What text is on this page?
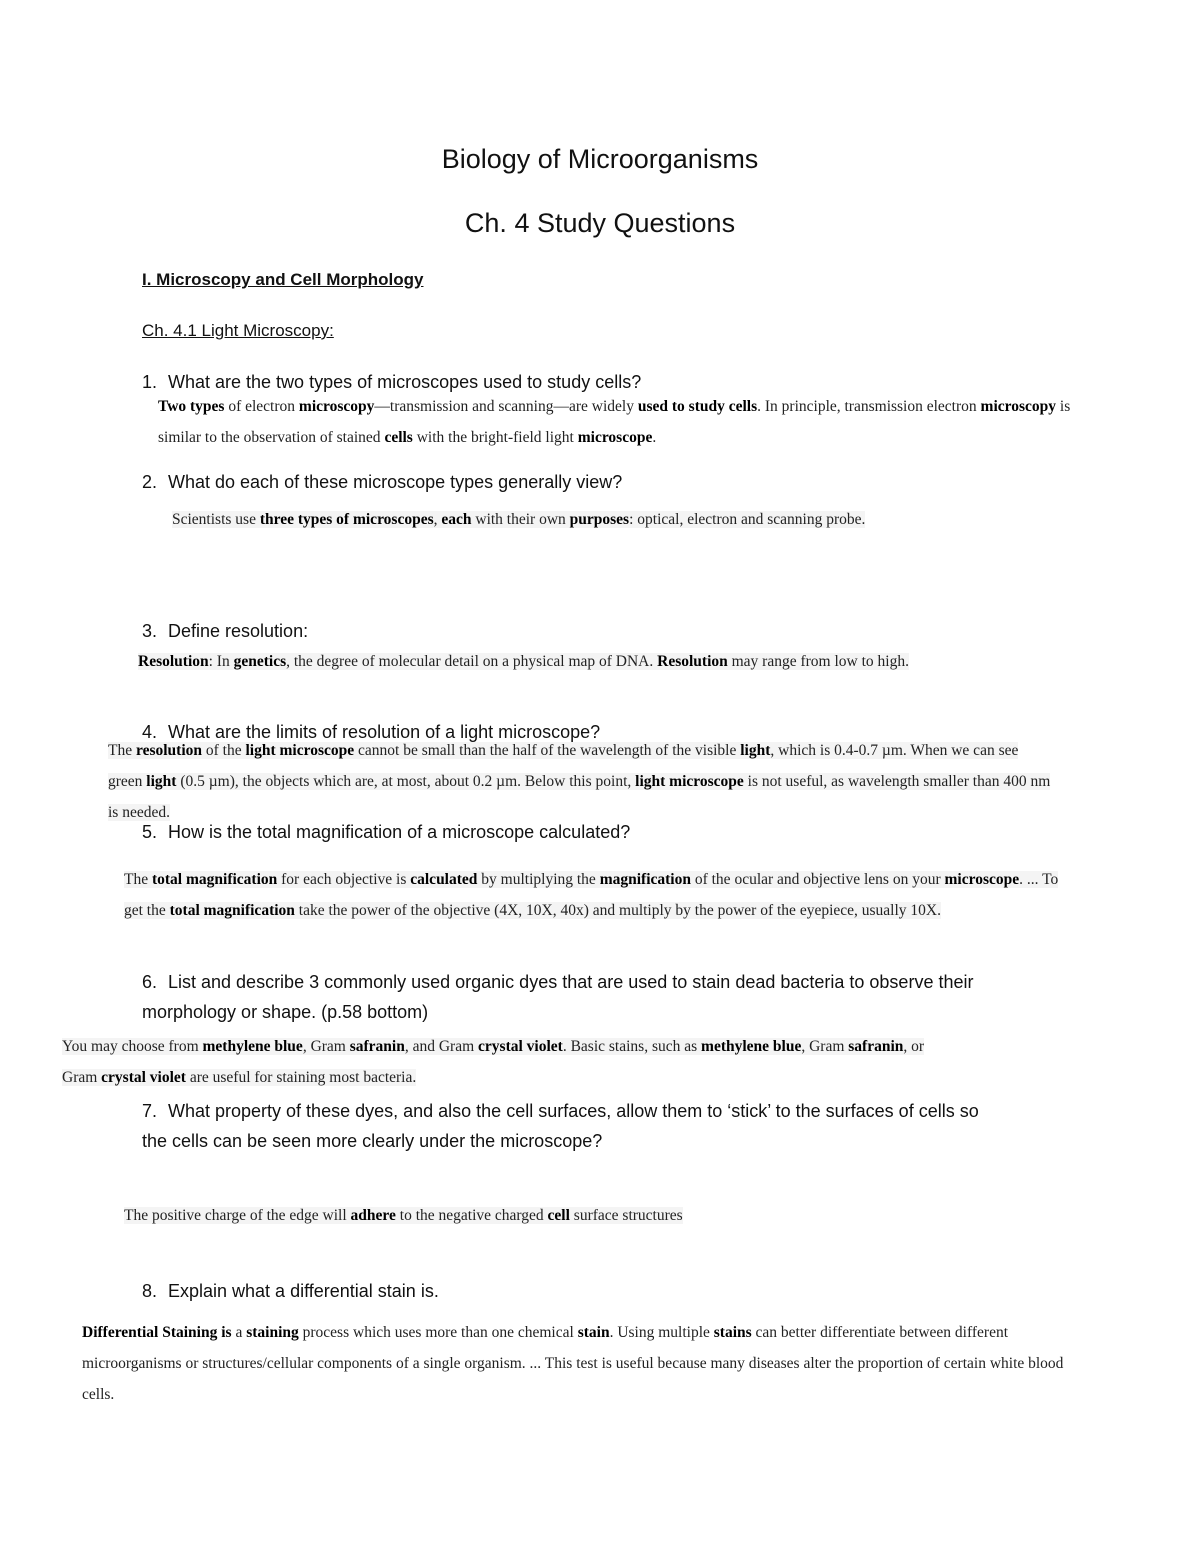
Biology of Microorganisms
Ch. 4 Study Questions
I. Microscopy and Cell Morphology
Ch. 4.1 Light Microscopy:
1. What are the two types of microscopes used to study cells?
Two types of electron microscopy—transmission and scanning—are widely used to study cells. In principle, transmission electron microscopy is
similar to the observation of stained cells with the bright-field light microscope.
2. What do each of these microscope types generally view?
Scientists use three types of microscopes, each with their own purposes: optical, electron and scanning probe.
3. Define resolution:
Resolution: In genetics, the degree of molecular detail on a physical map of DNA. Resolution may range from low to high.
4. What are the limits of resolution of a light microscope?
The resolution of the light microscope cannot be small than the half of the wavelength of the visible light, which is 0.4-0.7 µm. When we can see
green light (0.5 µm), the objects which are, at most, about 0.2 µm. Below this point, light microscope is not useful, as wavelength smaller than 400 nm
is needed.
5. How is the total magnification of a microscope calculated?
The total magnification for each objective is calculated by multiplying the magnification of the ocular and objective lens on your microscope. ... To
get the total magnification take the power of the objective (4X, 10X, 40x) and multiply by the power of the eyepiece, usually 10X.
6. List and describe 3 commonly used organic dyes that are used to stain dead bacteria to observe their
morphology or shape. (p.58 bottom)
You may choose from methylene blue, Gram safranin, and Gram crystal violet. Basic stains, such as methylene blue, Gram safranin, or
Gram crystal violet are useful for staining most bacteria.
7. What property of these dyes, and also the cell surfaces, allow them to ‘stick’ to the surfaces of cells so
the cells can be seen more clearly under the microscope?
The positive charge of the edge will adhere to the negative charged cell surface structures
8. Explain what a differential stain is.
Differential Staining is a staining process which uses more than one chemical stain. Using multiple stains can better differentiate between different
microorganisms or structures/cellular components of a single organism. ... This test is useful because many diseases alter the proportion of certain white blood
cells.
